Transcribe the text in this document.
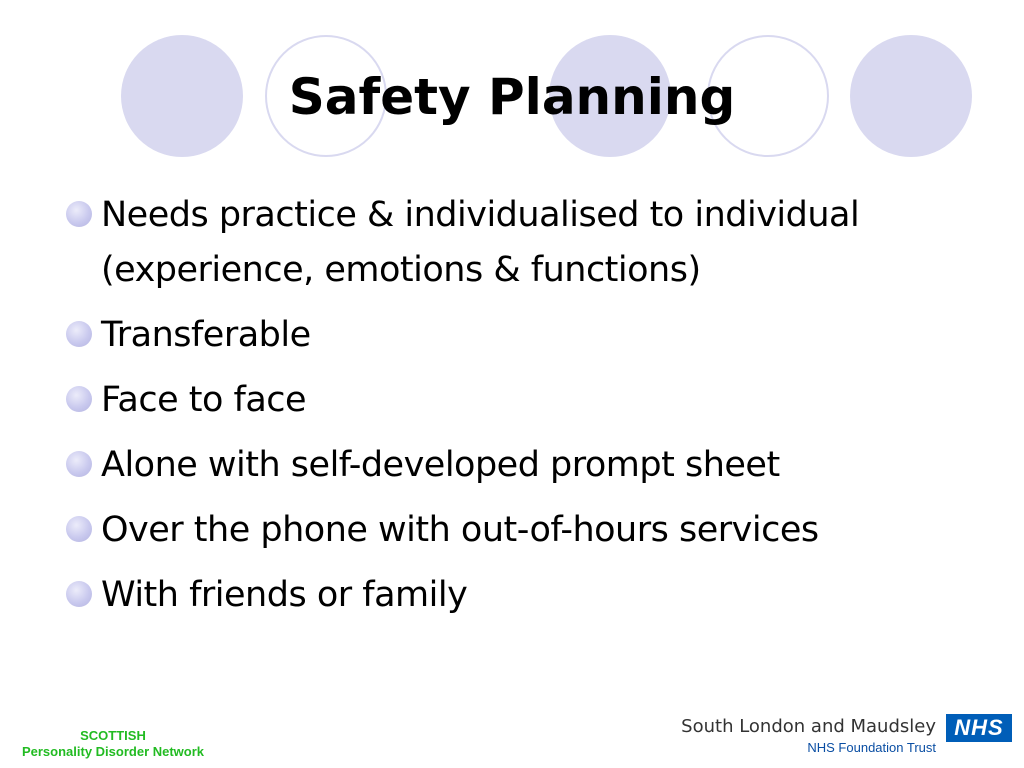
Safety Planning
Needs practice & individualised to individual (experience, emotions & functions)
Transferable
Face to face
Alone with self-developed prompt sheet
Over the phone with out-of-hours services
With friends or family
SCOTTISH
Personality Disorder Network
South London and Maudsley
NHS Foundation Trust
NHS
